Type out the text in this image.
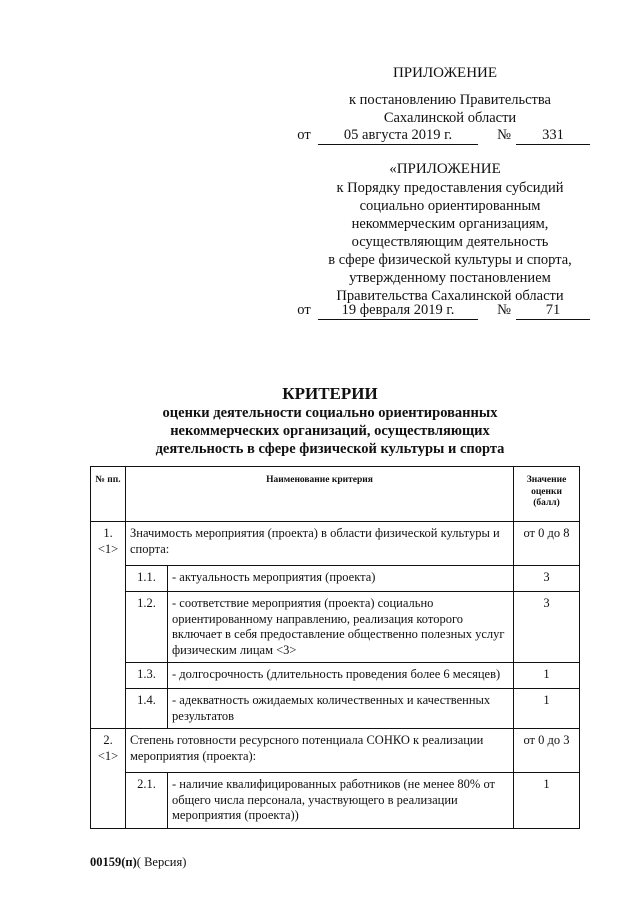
ПРИЛОЖЕНИЕ
к постановлению Правительства
Сахалинской области
от	05 августа 2019 г.	№	331
«ПРИЛОЖЕНИЕ
к Порядку предоставления субсидий
социально ориентированным
некоммерческим организациям,
осуществляющим деятельность
в сфере физической культуры и спорта,
утвержденному постановлением
Правительства Сахалинской области
от	19 февраля 2019 г.	№	71
КРИТЕРИИ
оценки деятельности социально ориентированных
некоммерческих организаций, осуществляющих
деятельность в сфере физической культуры и спорта
№ пп.	Наименование критерия		Значение оценки (балл)
1. <1>	Значимость мероприятия (проекта) в области физической культуры и спорта:		от 0 до 8
	1.1.	- актуальность мероприятия (проекта)	3
	1.2.	- соответствие мероприятия (проекта) социально ориентированному направлению, реализация которого включает в себя предоставление общественно полезных услуг физическим лицам <3>	3
	1.3.	- долгосрочность (длительность проведения более 6 месяцев)	1
	1.4.	- адекватность ожидаемых количественных и качественных результатов	1
2. <1>	Степень готовности ресурсного потенциала СОНКО к реализации мероприятия (проекта):		от 0 до 3
	2.1.	- наличие квалифицированных работников (не менее 80% от общего числа персонала, участвующего в реализации мероприятия (проекта))	1
00159(п)( Версия)
